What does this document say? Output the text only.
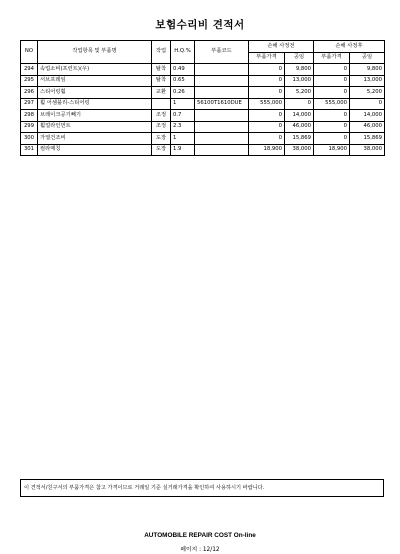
보험수리비 견적서
NO	작업항목 및 부품명	작업	H.Q.%	부품코드	손해 사정전		손해 사정후	
					부품가격	공임	부품가격	공임
294	속업소비(프런트)(우)	탈착	0.49		0	9,800	0	9,800
295	서브프레임	탈착	0.65		0	13,000	0	13,000
296	스티어링휠	교환	0.26		0	5,200	0	5,200
297	휠 어셈블리-스티어링		1	56100T1610DUE	555,000	0	555,000	0
298	브레이크공기빼기	조정	0.7		0	14,000	0	14,000
299	휠얼라인먼트	조정	2.3		0	46,000	0	46,000
300	가열건조비	도장	1		0	15,869	0	15,869
301	컴라매칭	도장	1.9		18,900	38,000	18,900	38,000
이 견적서/친구서의 부품가격은 참고 가격이므로 거래일 기준 실거래가격을 확인하여 사용하시기 바랍니다.
AUTOMOBILE REPAIR COST On-line
페이지 : 12/12
